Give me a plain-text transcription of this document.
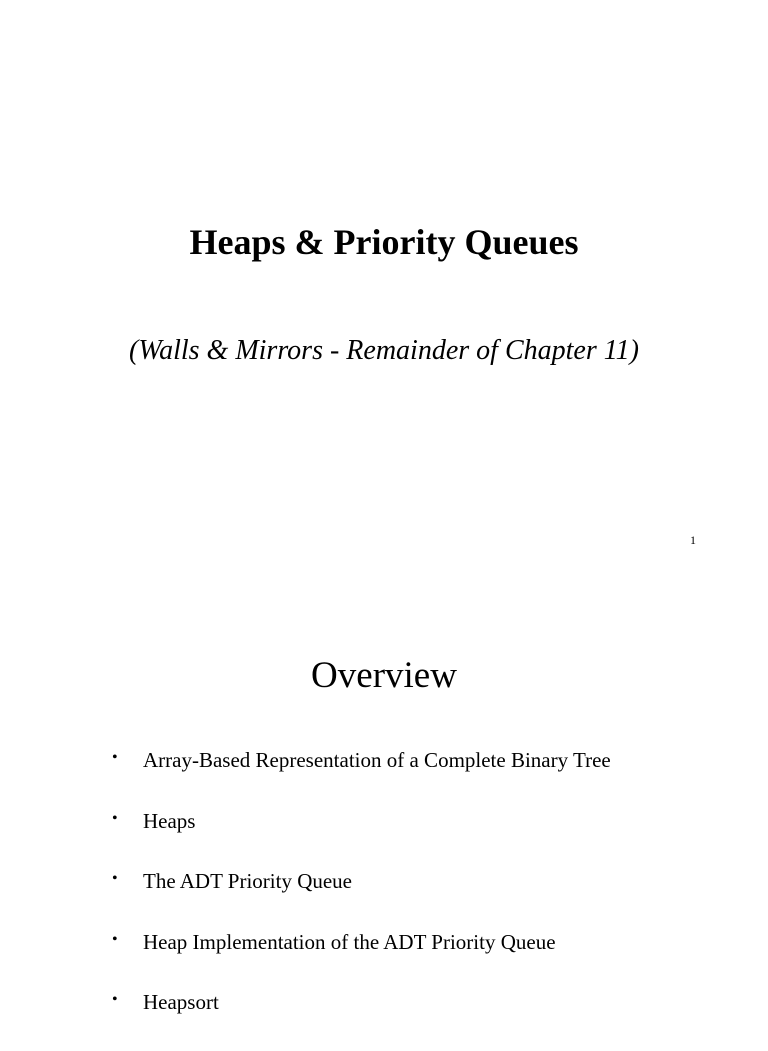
Heaps & Priority Queues

(Walls & Mirrors - Remainder of Chapter 11)

1
Overview
• Array-Based Representation of a Complete Binary Tree
• Heaps
• The ADT Priority Queue
• Heap Implementation of the ADT Priority Queue
• Heapsort
